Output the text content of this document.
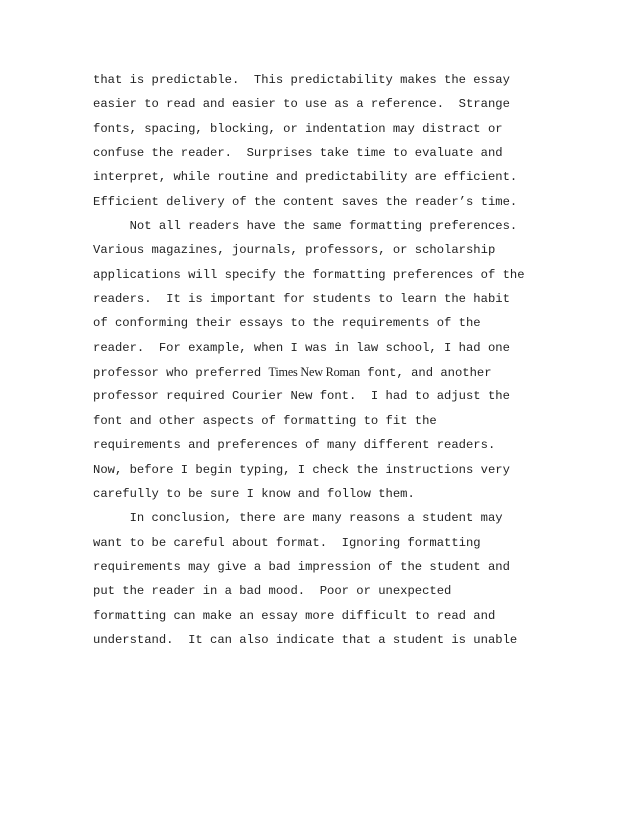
that is predictable.  This predictability makes the essay
easier to read and easier to use as a reference.  Strange
fonts, spacing, blocking, or indentation may distract or
confuse the reader.  Surprises take time to evaluate and
interpret, while routine and predictability are efficient.
Efficient delivery of the content saves the reader’s time.
Not all readers have the same formatting preferences.
Various magazines, journals, professors, or scholarship
applications will specify the formatting preferences of the
readers.  It is important for students to learn the habit
of conforming their essays to the requirements of the
reader.  For example, when I was in law school, I had one
professor who preferred Times New Roman font, and another
professor required Courier New font.  I had to adjust the
font and other aspects of formatting to fit the
requirements and preferences of many different readers.
Now, before I begin typing, I check the instructions very
carefully to be sure I know and follow them.
In conclusion, there are many reasons a student may
want to be careful about format.  Ignoring formatting
requirements may give a bad impression of the student and
put the reader in a bad mood.  Poor or unexpected
formatting can make an essay more difficult to read and
understand.  It can also indicate that a student is unable
